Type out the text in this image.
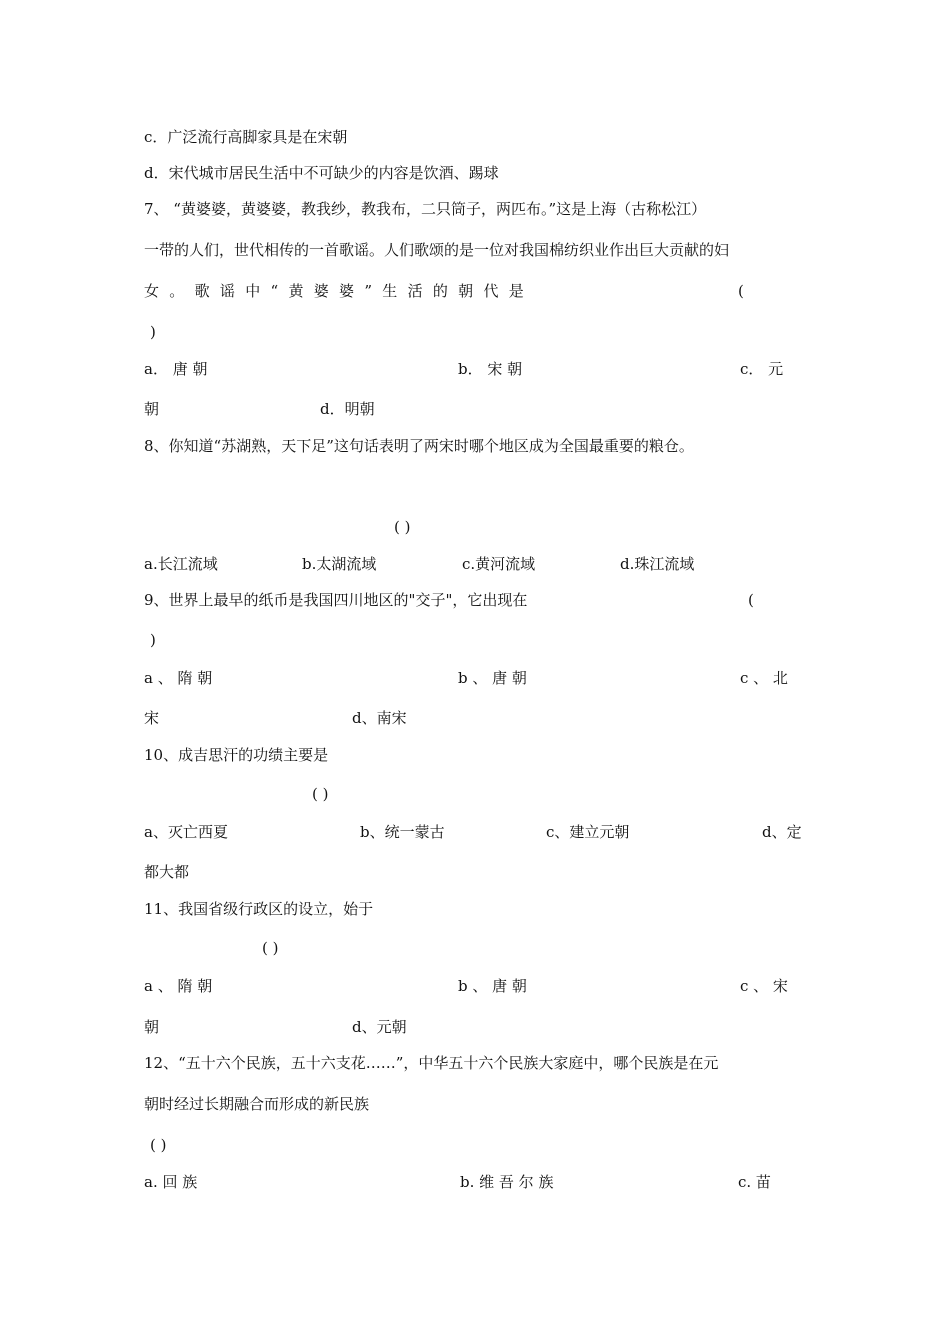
c．广泛流行高脚家具是在宋朝
d．宋代城市居民生活中不可缺少的内容是饮酒、踢球
7、 “黄婆婆，黄婆婆，教我纱，教我布，二只筒子，两匹布。”这是上海（古称松江）
一带的人们，世代相传的一首歌谣。人们歌颂的是一位对我国棉纺织业作出巨大贡献的妇
女 。 歌 谣 中 “ 黄 婆 婆 ” 生 活 的 朝 代 是	(
)
a． 唐 朝	b． 宋 朝	c． 元
朝	d．明朝
8、你知道“苏湖熟，天下足”这句话表明了两宋时哪个地区成为全国最重要的粮仓。
( )
a.长江流域	b.太湖流域	c.黄河流域	d.珠江流域
9、世界上最早的纸币是我国四川地区的"交子"，它出现在	(
)
a 、 隋 朝	b 、 唐 朝	c 、 北
宋	d、南宋
10、成吉思汗的功绩主要是
( )
a、灭亡西夏	b、统一蒙古	c、建立元朝	d、定
都大都
11、我国省级行政区的设立，始于
( )
a 、 隋 朝	b 、 唐 朝	c 、 宋
朝	d、元朝
12、“五十六个民族，五十六支花……”，中华五十六个民族大家庭中，哪个民族是在元
朝时经过长期融合而形成的新民族
( )
a. 回 族	b. 维 吾 尔 族	c. 苗
